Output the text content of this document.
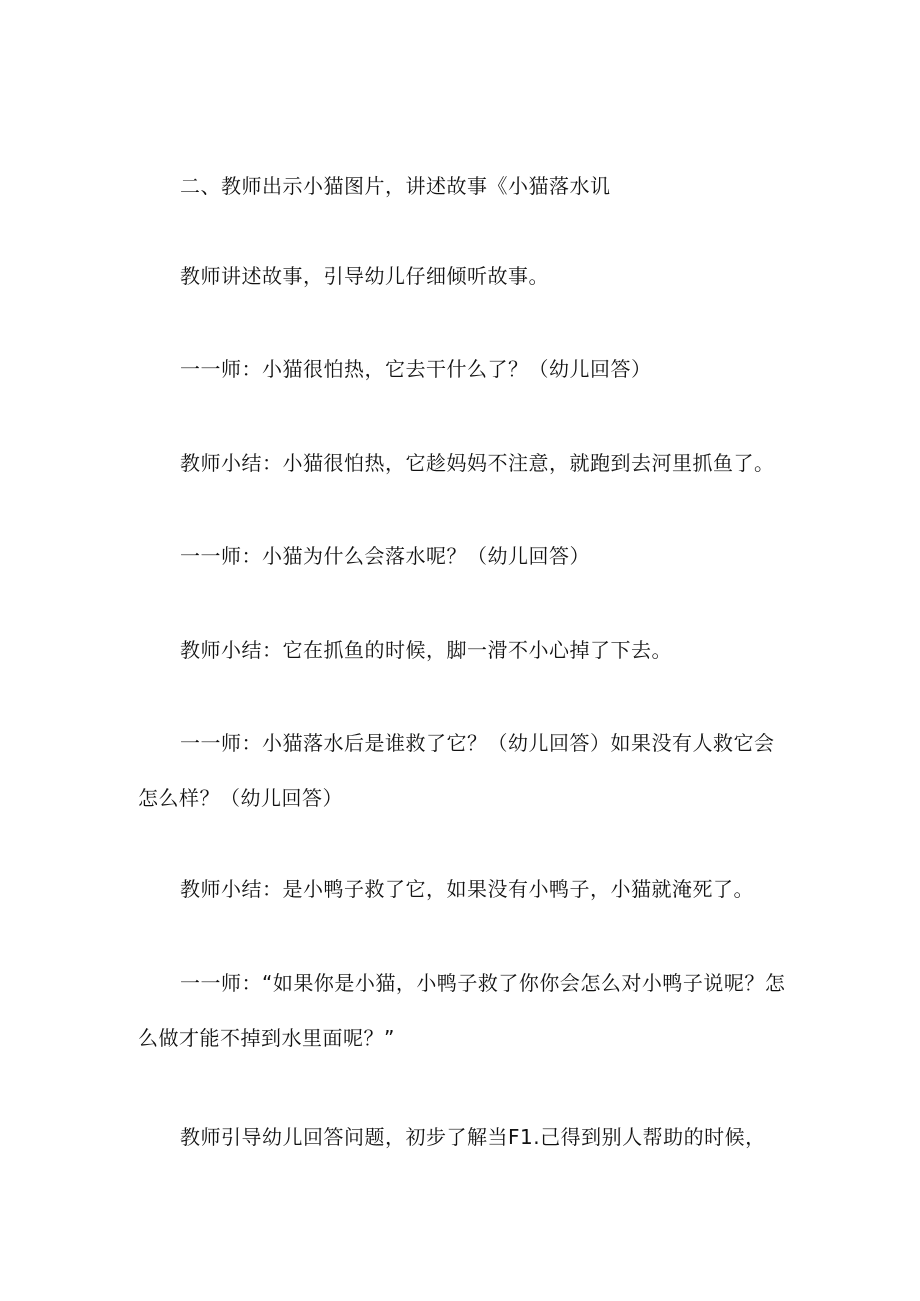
二、教师出示小猫图片，讲述故事《小猫落水讥

教师讲述故事，引导幼儿仔细倾听故事。

一一师：小猫很怕热，它去干什么了？（幼儿回答）

教师小结：小猫很怕热，它趁妈妈不注意，就跑到去河里抓鱼了。

一一师：小猫为什么会落水呢？（幼儿回答）

教师小结：它在抓鱼的时候，脚一滑不小心掉了下去。

一一师：小猫落水后是谁救了它？（幼儿回答）如果没有人救它会

怎么样？（幼儿回答）

教师小结：是小鸭子救了它，如果没有小鸭子，小猫就淹死了。

一一师：“如果你是小猫，小鸭子救了你你会怎么对小鸭子说呢？怎

么做才能不掉到水里面呢？”

教师引导幼儿回答问题，初步了解当F1.己得到别人帮助的时候，
